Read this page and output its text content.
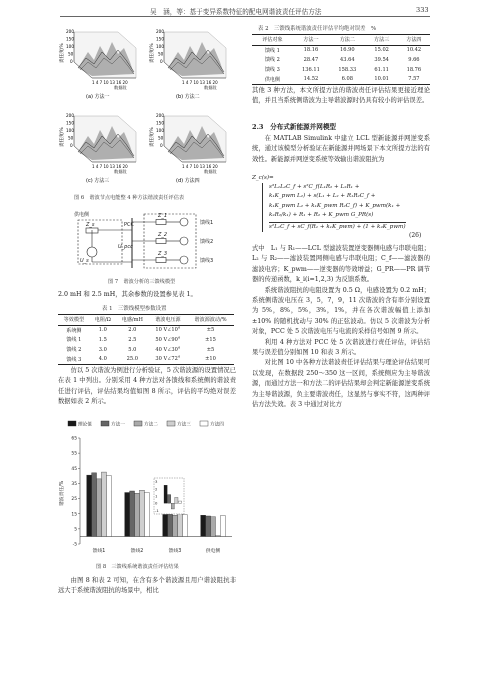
吴　涵，等：基于变异系数特征的配电网谐波责任评估方法	333
责任度/%
200
150
100
50
0
1 4 7 10 13 16 20
数据段
(a) 方法一
责任度/%
200
150
100
50
0
1 4 7 10 13 16 20
数据段
(b) 方法二
责任度/%
200
150
100
50
0
1 4 7 10 13 16 20
数据段
(c) 方法三
责任度/%
200
150
100
50
0
1 4 7 10 13 16 20
数据段
(d) 方法四
图 6　谐波节点电能整 4 种方法谐波责任评估表
供电侧
Z_s
U_s
PCC
U_pcc
Z_1
Z_2
Z_3
馈线1
馈线2
馈线3
图 7　谐波分析的三馈线模型
2.0 mH 和 2.5 mH，其余参数的设置参见表 1。
表 1　三馈线模型参数设置
等效模型	电阻/Ω	电感/mH	谐波电压源	谐波源波动/%
系统侧	1.0	2.0	10 V∠10°	±5
馈线 1	1.5	2.5	50 V∠90°	±15
馈线 2	3.0	5.0	40 V∠30°	±5
馈线 3	4.0	25.0	30 V∠72°	±10

仿以 5 次谐波为例进行分析验证，5 次谐波源的设置情况已在表 1 中列出。分别采用 4 种方法对各馈线和系统侧的谐波责任进行评估，评估结果均值如图 8 所示，评估的平均绝对误差数据如表 2 所示。

理论值	方法一	方法二	方法三	方法四
65
55
45
35
25
15
5
-5
谐波责任/%
馈线1	馈线2	馈线3	供电侧
3
2
1
0
-1
图 8　三馈线系统谐波责任评估结果

由图 8 和表 2 可知，在含有多个谐波源且用户谐波阻抗非远大于系统谐波阻抗的场景中，相比

表 2　三馈线系统谐波责任评估平均绝对误差　%
评估对象	方法一	方法二	方法三	方法四
馈线 1	18.16	16.90	15.02	10.42
馈线 2	28.47	43.64	39.54	9.66
馈线 3	136.11	158.33	61.11	18.76
供电侧	14.52	6.08	10.01	7.57

其他 3 种方法，本文所提方法的谐波责任评估结果更接近理论值，并且当系统侧谐波为主导谐波源时仍具有较小的评估误差。

2.3　分布式新能源并网模型

在 MATLAB Simulink 中建立 LCL 型新能源并网逆变系统，通过该模型分析验证在新能源并网场景下本文所提方法的有效性。新能源并网逆变系统等效输出谐波阻抗为

Z_c(s)=
s³L₁L₂C_f + s²C_f(L₁R₂ + L₂R₁ +
k₁K_pwm L₂) + s(L₁ + L₂ + R₁R₂C_f +
k₁K_pwm L₂ + k₁K_pwm R₂C_f) + K_pwm(k₁ +
k₂R₂/k₁) + R₁ + R₂ + K_pwm G_PR(s)
s²L₁C_f + sC_f(R₁ + k₁K_pwm) + (1 + k₂K_pwm)
(26)

式中　L₁ 与 R₁——LCL 型滤波装置逆变器侧电感与串联电阻；L₂ 与 R₂——滤波装置网侧电感与串联电阻；C_f——滤波器的滤波电容；K_pwm——逆变器的等效增益；G_PR——PR 调节器的传递函数，k_i(i=1,2,3) 为反馈系数。

系统谐波阻抗的电阻设置为 0.5 Ω，电感设置为 0.2 mH；系统侧谐波电压在 3，5，7，9，11 次谐波的含有率分别设置为 5%，8%，5%，3%，1%，并在各次谐波幅值上添加 ±10% 的随机扰动与 30% 的正弦波动。仿以 5 次谐波为分析对象，PCC 处 5 次谐波电压与电流的采样信号如图 9 所示。

利用 4 种方法对 PCC 处 5 次谐波进行责任评估，评估结果与误差值分别如图 10 和表 3 所示。

对比图 10 中各种方法谐波责任评估结果与理论评估结果可以发现，在数据段 250～350 这一区间，系统侧应为主导谐波源，而通过方法一和方法二的评估结果却会判定新能源逆变系统为主导谐波源，负主要谐波责任，这显然与事实不符，这两种评估方法失效。表 3 中通过对比方
